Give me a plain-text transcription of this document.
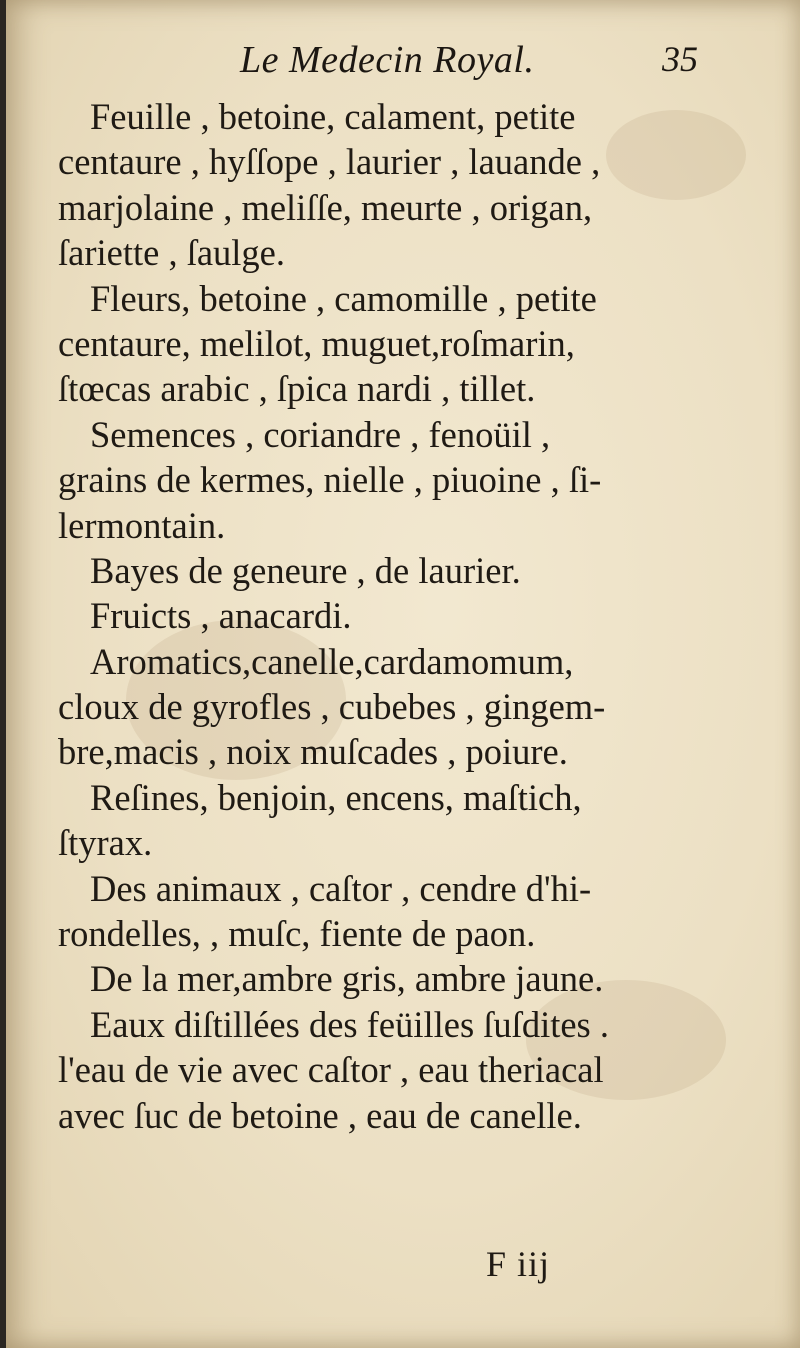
Le Medecin Royal.	35
Feuille , betoine, calament, petite
centaure , hyſſope , laurier , lauande ,
marjolaine , meliſſe, meurte , origan,
ſariette , ſaulge.
Fleurs, betoine , camomille , petite
centaure, melilot, muguet,roſmarin,
ſtœcas arabic , ſpica nardi , tillet.
Semences , coriandre , fenoüil ,
grains de kermes, nielle , piuoine , ſi-
lermontain.
Bayes de geneure , de laurier.
Fruicts , anacardi.
Aromatics,canelle,cardamomum,
cloux de gyrofles , cubebes , gingem-
bre,macis , noix muſcades , poiure.
Reſines, benjoin, encens, maſtich,
ſtyrax.
Des animaux , caſtor , cendre d'hi-
rondelles, , muſc, fiente de paon.
De la mer,ambre gris, ambre jaune.
Eaux diſtillées des feüilles ſuſdites .
l'eau de vie avec caſtor , eau theriacal
avec ſuc de betoine , eau de canelle.
F iij
